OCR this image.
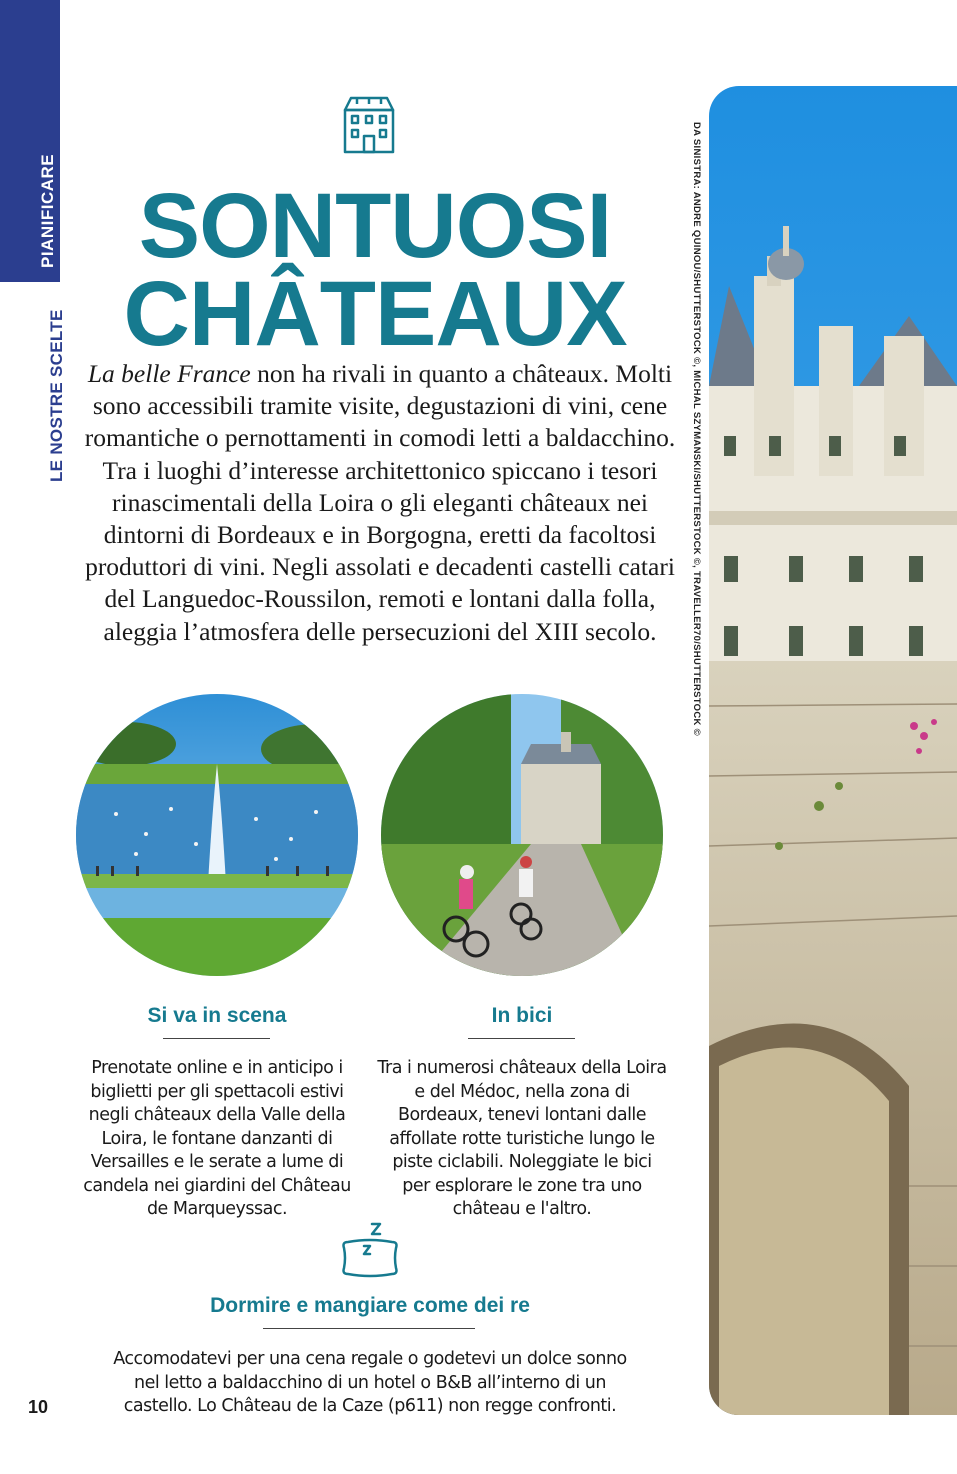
PIANIFICARE
LE NOSTRE SCELTE
10
SONTUOSI
CHÂTEAUX
La belle France non ha rivali in quanto a châteaux. Molti sono accessibili tramite visite, degustazioni di vini, cene romantiche o pernottamenti in comodi letti a baldacchino. Tra i luoghi d’interesse architettonico spiccano i tesori rinascimentali della Loira o gli eleganti châteaux nei dintorni di Bordeaux e in Borgogna, eretti da facoltosi produttori di vini. Negli assolati e decadenti castelli catari del Languedoc-Roussilon, remoti e lontani dalla folla, aleggia l’atmosfera delle persecuzioni del XIII secolo.
Si va in scena
Prenotate online e in anticipo i biglietti per gli spettacoli estivi negli châteaux della Valle della Loira, le fontane danzanti di Versailles e le serate a lume di candela nei giardini del Château de Marqueyssac.
In bici
Tra i numerosi châteaux della Loira e del Médoc, nella zona di Bordeaux, tenevi lontani dalle affollate rotte turistiche lungo le piste ciclabili. Noleggiate le bici per esplorare le zone tra uno château e l'altro.
Dormire e mangiare come dei re
Accomodatevi per una cena regale o godetevi un dolce sonno nel letto a baldacchino di un hotel o B&B all’interno di un castello. Lo Château de la Caze (p611) non regge confronti.
DA SINISTRA: ANDRE QUINOU/SHUTTERSTOCK ©, MICHAL SZYMANSKI/SHUTTERSTOCK ©, TRAVELLER70/SHUTTERSTOCK ©
